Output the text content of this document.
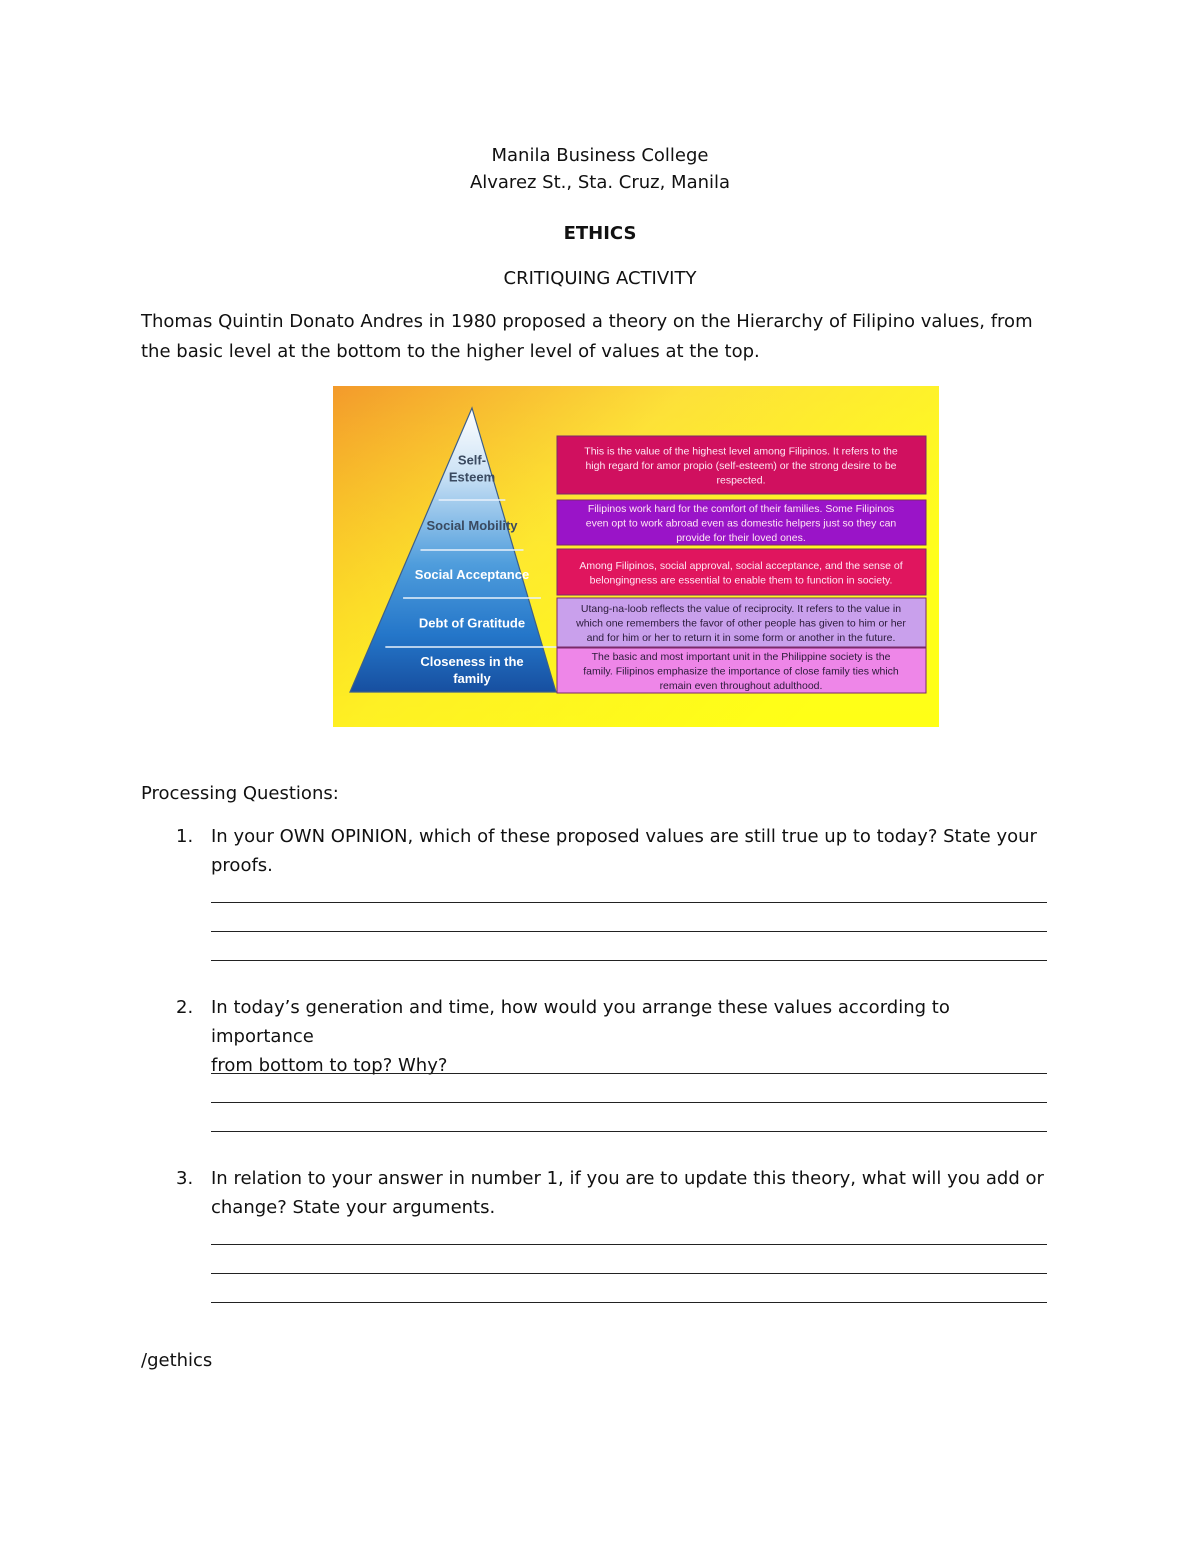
Manila Business College
Alvarez St., Sta. Cruz, Manila
ETHICS
CRITIQUING ACTIVITY
Thomas Quintin Donato Andres in 1980 proposed a theory on the Hierarchy of Filipino values, from the basic level at the bottom to the higher level of values at the top.
Self-
Esteem
Social Mobility
Social Acceptance
Debt of Gratitude
Closeness in the
family
This is the value of the highest level among Filipinos. It refers to the
high regard for amor propio (self-esteem) or the strong desire to be
respected.
Filipinos work hard for the comfort of their families. Some Filipinos
even opt to work abroad even as domestic helpers just so they can
provide for their loved ones.
Among Filipinos, social approval, social acceptance, and the sense of
belongingness are essential to enable them to function in society.
Utang-na-loob reflects the value of reciprocity. It refers to the value in
which one remembers the favor of other people has given to him or her
and for him or her to return it in some form or another in the future.
The basic and most important unit in the Philippine society is the
family. Filipinos emphasize the importance of close family ties which
remain even throughout adulthood.
Processing Questions:
1. In your OWN OPINION, which of these proposed values are still true up to today? State your
proofs.
2. In today’s generation and time, how would you arrange these values according to importance
from bottom to top? Why?
3. In relation to your answer in number 1, if you are to update this theory, what will you add or
change? State your arguments.
/gethics
